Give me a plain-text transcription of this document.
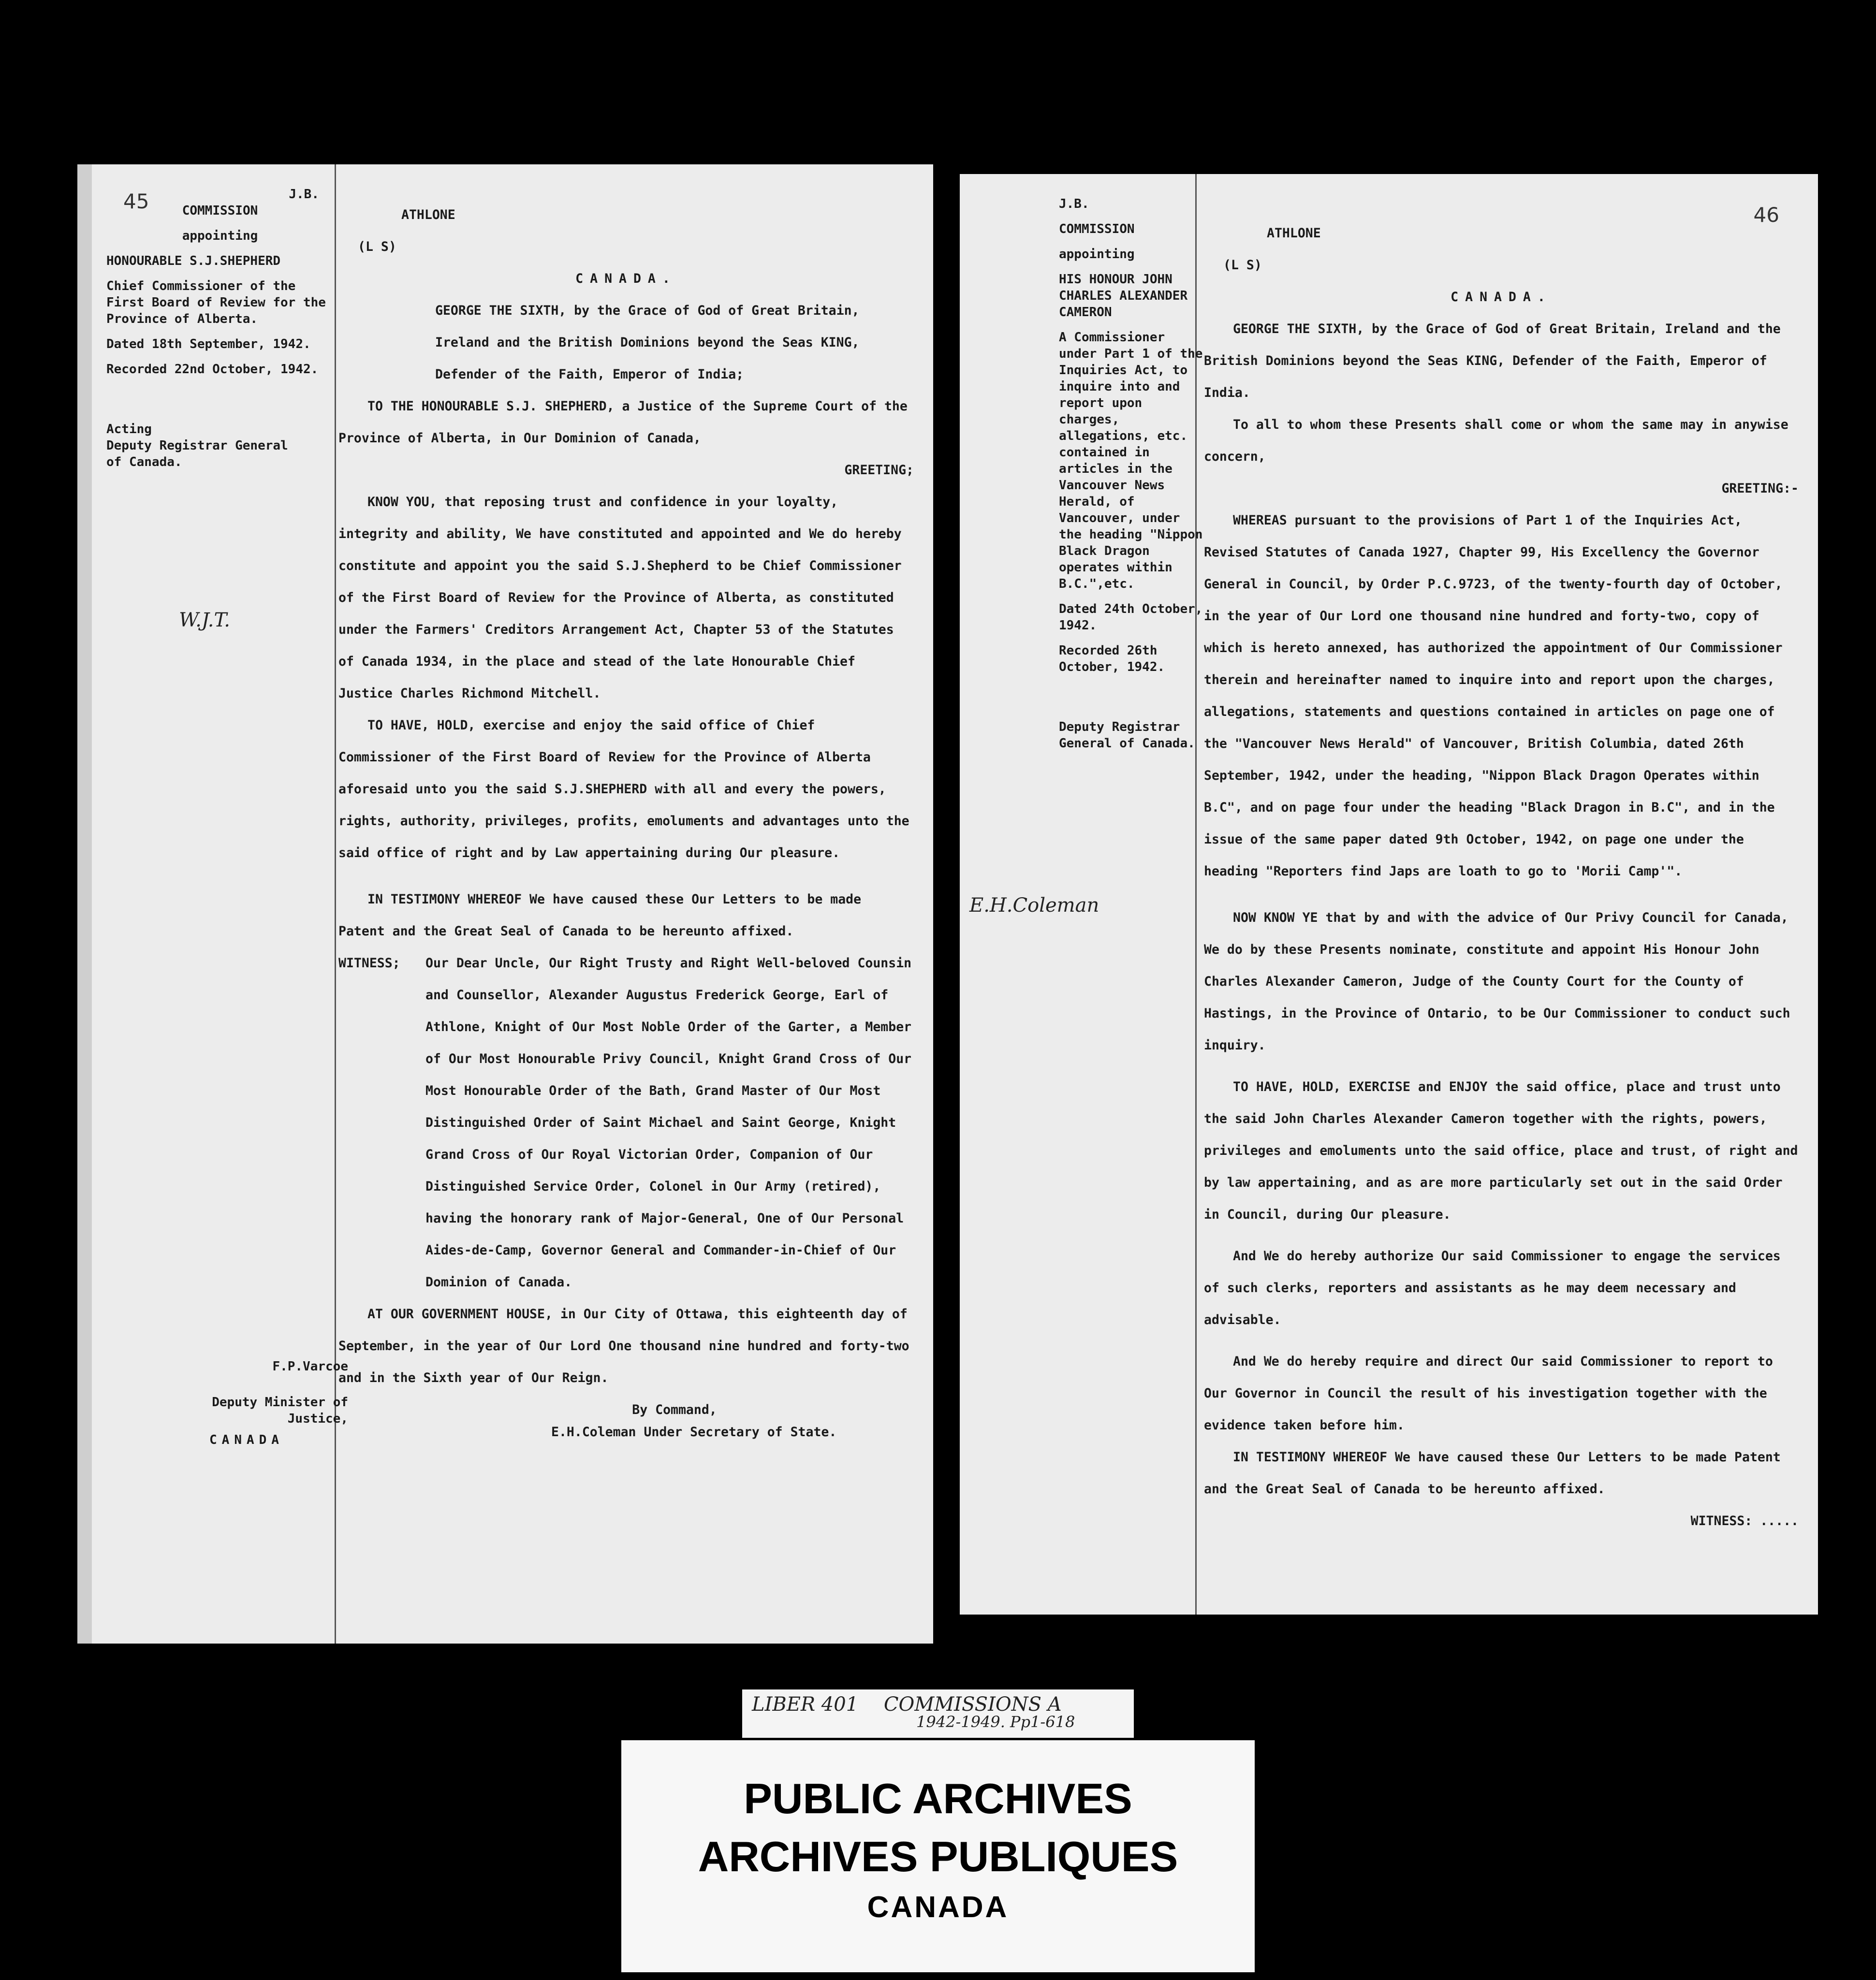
45	J.B.
COMMISSION
appointing
HONOURABLE S.J.SHEPHERD
Chief Commissioner of the First Board of Review for the Province of Alberta.
Dated 18th September, 1942.
Recorded 22nd October, 1942.
Acting
Deputy Registrar General of Canada.
W.J.T.

ATHLONE

(L S)

CANADA.

GEORGE THE SIXTH, by the Grace of God of Great Britain, Ireland and the British Dominions beyond the Seas KING, Defender of the Faith, Emperor of India;

TO THE HONOURABLE S.J. SHEPHERD, a Justice of the Supreme Court of the Province of Alberta, in Our Dominion of Canada,

GREETING;

KNOW YOU, that reposing trust and confidence in your loyalty, integrity and ability, We have constituted and appointed and We do hereby constitute and appoint you the said S.J.Shepherd to be Chief Commissioner of the First Board of Review for the Province of Alberta, as constituted under the Farmers' Creditors Arrangement Act, Chapter 53 of the Statutes of Canada 1934, in the place and stead of the late Honourable Chief Justice Charles Richmond Mitchell.

TO HAVE, HOLD, exercise and enjoy the said office of Chief Commissioner of the First Board of Review for the Province of Alberta aforesaid unto you the said S.J.SHEPHERD with all and every the powers, rights, authority, privileges, profits, emoluments and advantages unto the said office of right and by Law appertaining during Our pleasure.

IN TESTIMONY WHEREOF We have caused these Our Letters to be made Patent and the Great Seal of Canada to be hereunto affixed.

WITNESS;	Our Dear Uncle, Our Right Trusty and Right Well-beloved Counsin and Counsellor, Alexander Augustus Frederick George, Earl of Athlone, Knight of Our Most Noble Order of the Garter, a Member of Our Most Honourable Privy Council, Knight Grand Cross of Our Most Honourable Order of the Bath, Grand Master of Our Most Distinguished Order of Saint Michael and Saint George, Knight Grand Cross of Our Royal Victorian Order, Companion of Our Distinguished Service Order, Colonel in Our Army (retired), having the honorary rank of Major-General, One of Our Personal Aides-de-Camp, Governor General and Commander-in-Chief of Our Dominion of Canada.

AT OUR GOVERNMENT HOUSE, in Our City of Ottawa, this eighteenth day of September, in the year of Our Lord One thousand nine hundred and forty-two and in the Sixth year of Our Reign.

By Command,

E.H.Coleman Under Secretary of State.

F.P.Varcoe
Deputy Minister of Justice,
CANADA
46
J.B.
COMMISSION
appointing
HIS HONOUR JOHN CHARLES ALEXANDER CAMERON
A Commissioner under Part 1 of the Inquiries Act, to inquire into and report upon charges, allegations, etc. contained in articles in the Vancouver News Herald, of Vancouver, under the heading "Nippon Black Dragon operates within B.C.",etc.
Dated 24th October, 1942.
Recorded 26th October, 1942.
Deputy Registrar General of Canada.
E.H.Coleman

ATHLONE

(L S)

CANADA.

GEORGE THE SIXTH, by the Grace of God of Great Britain, Ireland and the British Dominions beyond the Seas KING, Defender of the Faith, Emperor of India.

To all to whom these Presents shall come or whom the same may in anywise concern,

GREETING:-

WHEREAS pursuant to the provisions of Part 1 of the Inquiries Act, Revised Statutes of Canada 1927, Chapter 99, His Excellency the Governor General in Council, by Order P.C.9723, of the twenty-fourth day of October, in the year of Our Lord one thousand nine hundred and forty-two, copy of which is hereto annexed, has authorized the appointment of Our Commissioner therein and hereinafter named to inquire into and report upon the charges, allegations, statements and questions contained in articles on page one of the "Vancouver News Herald" of Vancouver, British Columbia, dated 26th September, 1942, under the heading, "Nippon Black Dragon Operates within B.C", and on page four under the heading "Black Dragon in B.C", and in the issue of the same paper dated 9th October, 1942, on page one under the heading "Reporters find Japs are loath to go to 'Morii Camp'".

NOW KNOW YE that by and with the advice of Our Privy Council for Canada, We do by these Presents nominate, constitute and appoint His Honour John Charles Alexander Cameron, Judge of the County Court for the County of Hastings, in the Province of Ontario, to be Our Commissioner to conduct such inquiry.

TO HAVE, HOLD, EXERCISE and ENJOY the said office, place and trust unto the said John Charles Alexander Cameron together with the rights, powers, privileges and emoluments unto the said office, place and trust, of right and by law appertaining, and as are more particularly set out in the said Order in Council, during Our pleasure.

And We do hereby authorize Our said Commissioner to engage the services of such clerks, reporters and assistants as he may deem necessary and advisable.

And We do hereby require and direct Our said Commissioner to report to Our Governor in Council the result of his investigation together with the evidence taken before him.

IN TESTIMONY WHEREOF We have caused these Our Letters to be made Patent and the Great Seal of Canada to be hereunto affixed.

WITNESS: .....

LIBER 401 COMMISSIONS A
1942-1949. Pp1-618
PUBLIC ARCHIVES
ARCHIVES PUBLIQUES
CANADA
